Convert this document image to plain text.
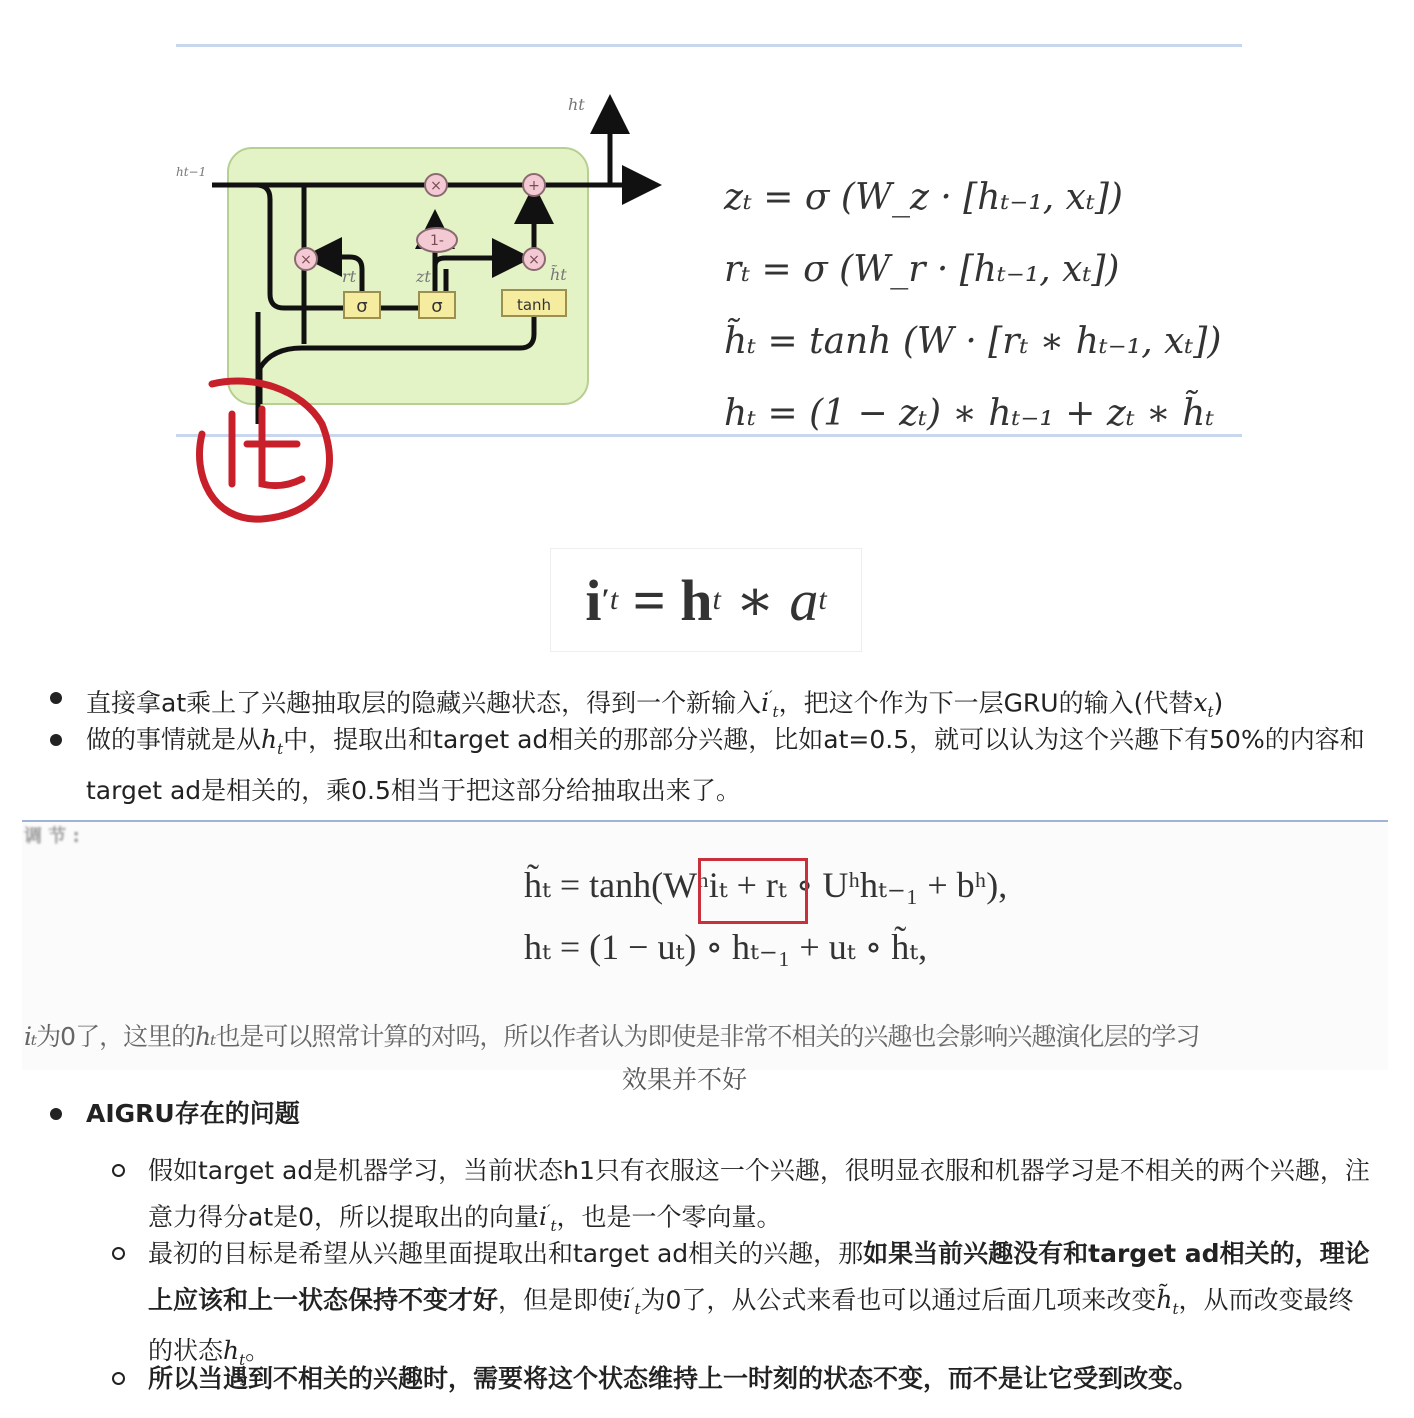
×	+
×	×
1-
σ	σ	tanh
ht−1
ht
rt	zt	h̃t
zₜ = σ (W_z · [hₜ₋₁, xₜ])
rₜ = σ (W_r · [hₜ₋₁, xₜ])
h̃ₜ = tanh (W · [rₜ ∗ hₜ₋₁, xₜ])
hₜ = (1 − zₜ) ∗ hₜ₋₁ + zₜ ∗ h̃ₜ
i ′ t = h t ∗ a t
直接拿at乘上了兴趣抽取层的隐藏兴趣状态，得到一个新输入$i'_t$，把这个作为下一层GRU的输入(代替$x_t$)
做的事情就是从$h_t$中，提取出和target ad相关的那部分兴趣，比如at=0.5，就可以认为这个兴趣下有50%的内容和target ad是相关的，乘0.5相当于把这部分给抽取出来了。
调 节 :
h̃ₜ = tanh(Wʰiₜ + rₜ ∘ Uʰhₜ₋₁ + bʰ),
hₜ = (1 − uₜ) ∘ hₜ₋₁ + uₜ ∘ h̃ₜ,
iₜ为0了，这里的hₜ也是可以照常计算的对吗，所以作者认为即使是非常不相关的兴趣也会影响兴趣演化层的学习
效果并不好
AIGRU存在的问题
假如target ad是机器学习，当前状态h1只有衣服这一个兴趣，很明显衣服和机器学习是不相关的两个兴趣，注意力得分at是0，所以提取出的向量$i'_t$，也是一个零向量。
最初的目标是希望从兴趣里面提取出和target ad相关的兴趣，那如果当前兴趣没有和target ad相关的，理论上应该和上一状态保持不变才好，但是即使$i'_t$为0了，从公式来看也可以通过后面几项来改变$h̃_t$，从而改变最终的状态$h_t$。
所以当遇到不相关的兴趣时，需要将这个状态维持上一时刻的状态不变，而不是让它受到改变。
